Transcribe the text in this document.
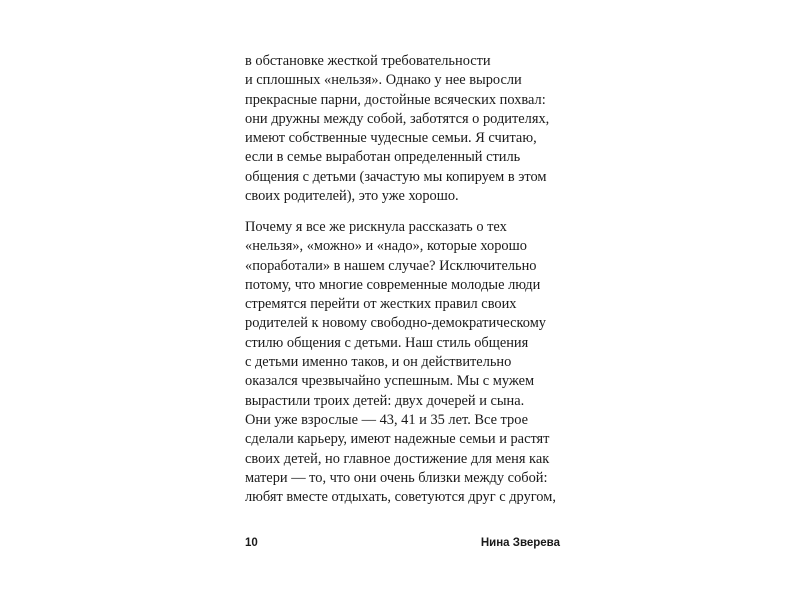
в обстановке жесткой требовательности
и сплошных «нельзя». Однако у нее выросли
прекрасные парни, достойные всяческих похвал:
они дружны между собой, заботятся о родителях,
имеют собственные чудесные семьи. Я считаю,
если в семье выработан определенный стиль
общения с детьми (зачастую мы копируем в этом
своих родителей), это уже хорошо.
Почему я все же рискнула рассказать о тех
«нельзя», «можно» и «надо», которые хорошо
«поработали» в нашем случае? Исключительно
потому, что многие современные молодые люди
стремятся перейти от жестких правил своих
родителей к новому свободно-демократическому
стилю общения с детьми. Наш стиль общения
с детьми именно таков, и он действительно
оказался чрезвычайно успешным. Мы с мужем
вырастили троих детей: двух дочерей и сына.
Они уже взрослые — 43, 41 и 35 лет. Все трое
сделали карьеру, имеют надежные семьи и растят
своих детей, но главное достижение для меня как
матери — то, что они очень близки между собой:
любят вместе отдыхать, советуются друг с другом,
10	Нина Зверева
